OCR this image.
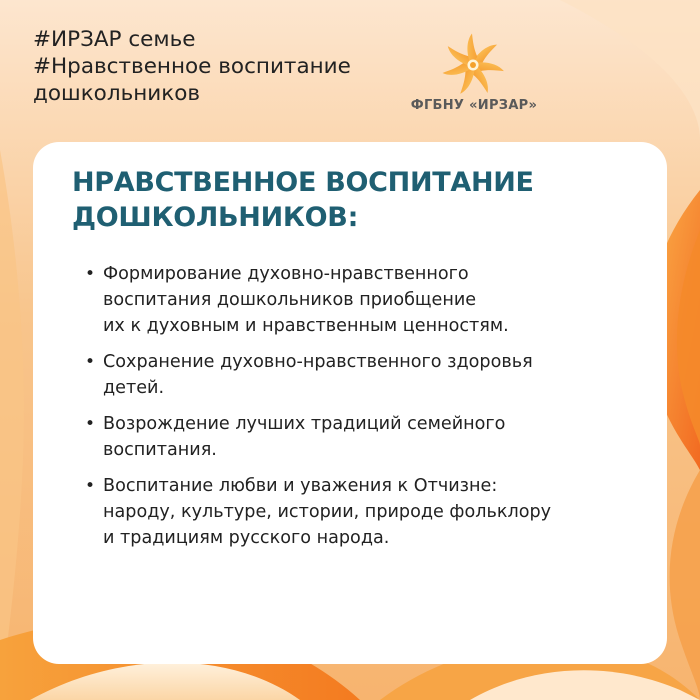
#ИРЗАР семье
#Нравственное воспитание
дошкольников	ФГБНУ «ИРЗАР»
НРАВСТВЕННОЕ ВОСПИТАНИЕ
ДОШКОЛЬНИКОВ:
• Формирование духовно-нравственного
воспитания дошкольников приобщение
их к духовным и нравственным ценностям.
• Сохранение духовно-нравственного здоровья
детей.
• Возрождение лучших традиций семейного
воспитания.
• Воспитание любви и уважения к Отчизне:
народу, культуре, истории, природе фольклору
и традициям русского народа.
